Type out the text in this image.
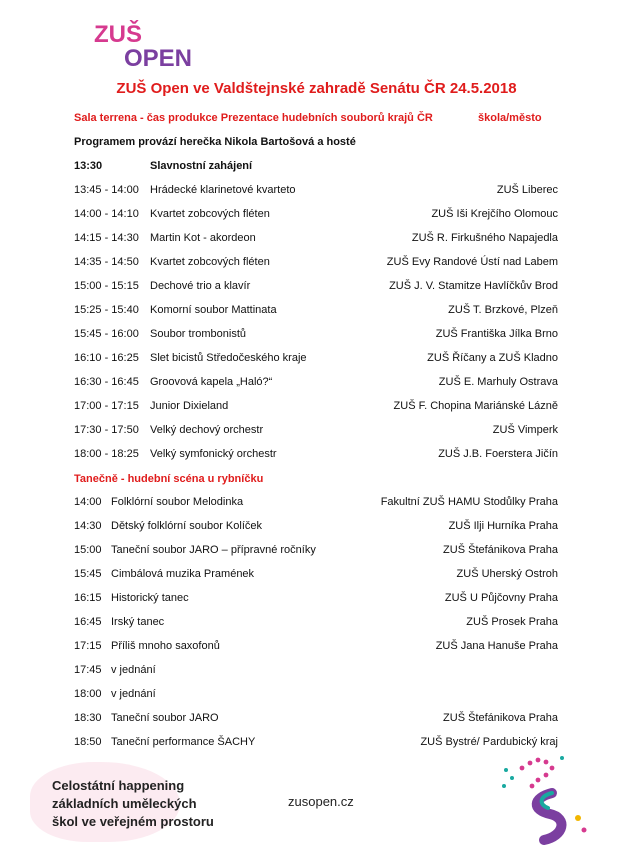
ZUŠ
OPEN
ZUŠ Open ve Valdštejnské zahradě Senátu ČR 24.5.2018
Sala terrena - čas produkce Prezentace hudebních souborů krajů ČR	škola/město
Programem provází herečka Nikola Bartošová a hosté
13:30	Slavnostní zahájení
13:45 - 14:00 Hrádecké klarinetové kvarteto	ZUŠ Liberec
14:00 - 14:10 Kvartet zobcových fléten	ZUŠ Iši Krejčího Olomouc
14:15 - 14:30 Martin Kot - akordeon	ZUŠ R. Firkušného Napajedla
14:35 - 14:50 Kvartet zobcových fléten	ZUŠ Evy Randové Ústí nad Labem
15:00 - 15:15 Dechové trio a klavír	ZUŠ J. V. Stamitze Havlíčkův Brod
15:25 - 15:40 Komorní soubor Mattinata	ZUŠ T. Brzkové, Plzeň
15:45 - 16:00 Soubor trombonistů	ZUŠ Františka Jílka Brno
16:10 - 16:25 Slet bicistů Středočeského kraje	ZUŠ Říčany a ZUŠ Kladno
16:30 - 16:45 Groovová kapela „Haló?“	ZUŠ E. Marhuly Ostrava
17:00 - 17:15 Junior Dixieland	ZUŠ F. Chopina Mariánské Lázně
17:30 - 17:50 Velký dechový orchestr	ZUŠ Vimperk
18:00 - 18:25 Velký symfonický orchestr	ZUŠ J.B. Foerstera Jičín
Tanečně - hudební scéna u rybníčku
14:00 Folklórní soubor Melodinka	Fakultní ZUŠ HAMU Stodůlky Praha
14:30 Dětský folklórní soubor Kolíček	ZUŠ Ilji Hurníka Praha
15:00 Taneční soubor JARO – přípravné ročníky	ZUŠ Štefánikova Praha
15:45 Cimbálová muzika Pramének	ZUŠ Uherský Ostroh
16:15 Historický tanec	ZUŠ U Půjčovny Praha
16:45 Irský tanec	ZUŠ Prosek Praha
17:15 Příliš mnoho saxofonů	ZUŠ Jana Hanuše Praha
17:45 v jednání
18:00 v jednání
18:30 Taneční soubor JARO	ZUŠ Štefánikova Praha
18:50 Taneční performance ŠACHY	ZUŠ Bystré/ Pardubický kraj
Celostátní happening
základních uměleckých
škol ve veřejném prostoru
zusopen.cz
